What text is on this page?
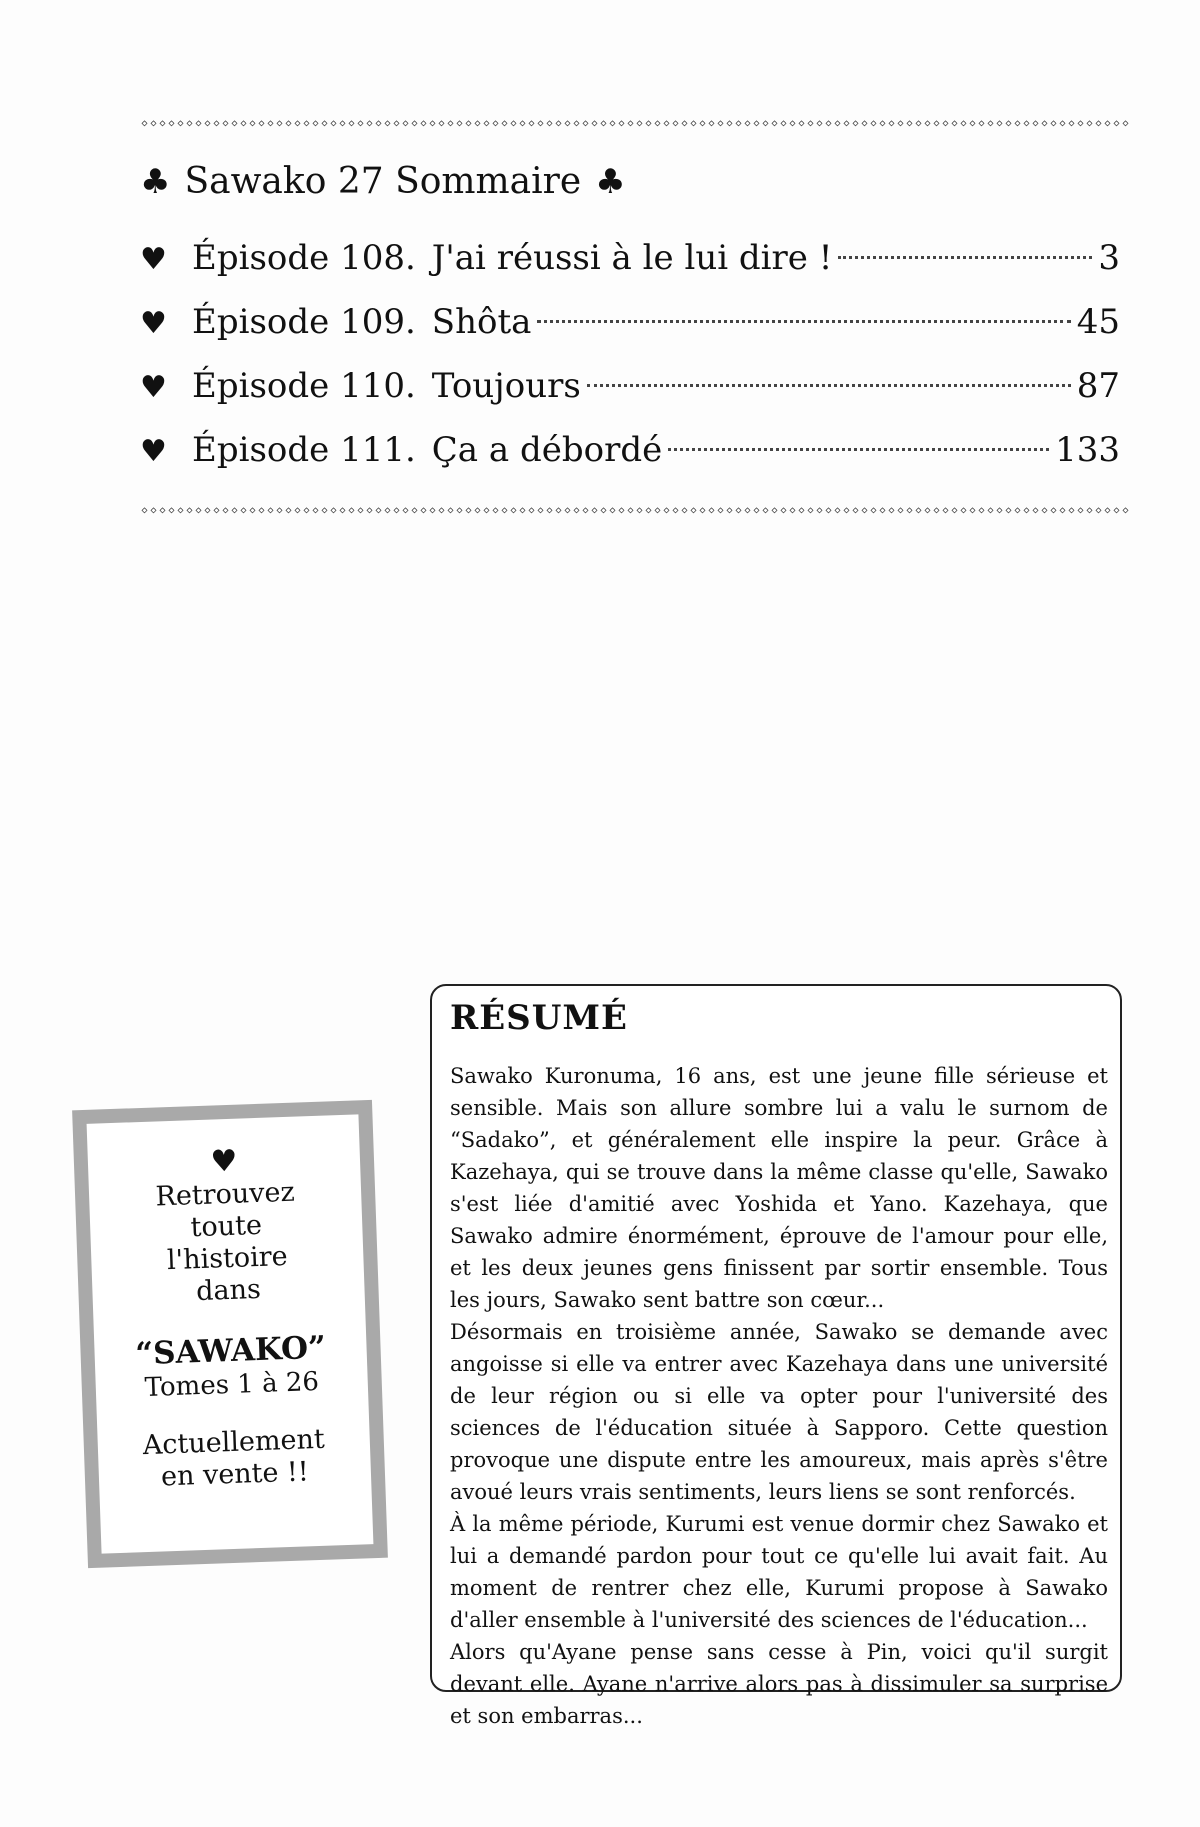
◇ ◇ ◇ ◇ ◇ ◇ ◇ ◇ ◇ ◇ ◇ ◇ ◇ ◇ ◇ ◇ ◇ ◇ ◇ ◇ ◇ ◇ ◇ ◇ ◇ ◇ ◇ ◇ ◇ ◇ ◇ ◇ ◇ ◇ ◇ ◇ ◇ ◇ ◇ ◇ ◇ ◇ ◇ ◇ ◇ ◇ ◇ ◇ ◇ ◇ ◇ ◇ ◇ ◇ ◇ ◇ ◇ ◇ ◇ ◇ ◇ ◇ ◇ ◇ ◇ ◇ ◇ ◇ ◇ ◇ ◇ ◇ ◇ ◇ ◇ ◇ ◇ ◇ ◇ ◇ ◇ ◇ ◇ ◇ ◇ ◇ ◇ ◇ ◇ ◇ ◇ ◇ ◇ ◇ ◇ ◇ ◇ ◇ ◇ ◇ ◇ ◇ ◇ ◇ ◇ ◇ ◇ ◇ ◇ ◇
♣ Sawako 27 Sommaire ♣
♥ Épisode 108. J'ai réussi à le lui dire !	3
♥ Épisode 109. Shôta	45
♥ Épisode 110. Toujours	87
♥ Épisode 111. Ça a débordé	133
◇ ◇ ◇ ◇ ◇ ◇ ◇ ◇ ◇ ◇ ◇ ◇ ◇ ◇ ◇ ◇ ◇ ◇ ◇ ◇ ◇ ◇ ◇ ◇ ◇ ◇ ◇ ◇ ◇ ◇ ◇ ◇ ◇ ◇ ◇ ◇ ◇ ◇ ◇ ◇ ◇ ◇ ◇ ◇ ◇ ◇ ◇ ◇ ◇ ◇ ◇ ◇ ◇ ◇ ◇ ◇ ◇ ◇ ◇ ◇ ◇ ◇ ◇ ◇ ◇ ◇ ◇ ◇ ◇ ◇ ◇ ◇ ◇ ◇ ◇ ◇ ◇ ◇ ◇ ◇ ◇ ◇ ◇ ◇ ◇ ◇ ◇ ◇ ◇ ◇ ◇ ◇ ◇ ◇ ◇ ◇ ◇ ◇ ◇ ◇ ◇ ◇ ◇ ◇ ◇ ◇ ◇ ◇ ◇ ◇
♥
Retrouvez
toute
l'histoire
dans
“SAWAKO”
Tomes 1 à 26
Actuellement
en vente !!
RÉSUMÉ

Sawako Kuronuma, 16 ans, est une jeune fille sérieuse et sensible. Mais son allure sombre lui a valu le surnom de “Sadako”, et généralement elle inspire la peur. Grâce à Kazehaya, qui se trouve dans la même classe qu'elle, Sawako s'est liée d'amitié avec Yoshida et Yano. Kazehaya, que Sawako admire énormément, éprouve de l'amour pour elle, et les deux jeunes gens finissent par sortir ensemble. Tous les jours, Sawako sent battre son cœur...

Désormais en troisième année, Sawako se demande avec angoisse si elle va entrer avec Kazehaya dans une université de leur région ou si elle va opter pour l'université des sciences de l'éducation située à Sapporo. Cette question provoque une dispute entre les amoureux, mais après s'être avoué leurs vrais sentiments, leurs liens se sont renforcés.

À la même période, Kurumi est venue dormir chez Sawako et lui a demandé pardon pour tout ce qu'elle lui avait fait. Au moment de rentrer chez elle, Kurumi propose à Sawako d'aller ensemble à l'université des sciences de l'éducation...

Alors qu'Ayane pense sans cesse à Pin, voici qu'il surgit devant elle. Ayane n'arrive alors pas à dissimuler sa surprise et son embarras...
